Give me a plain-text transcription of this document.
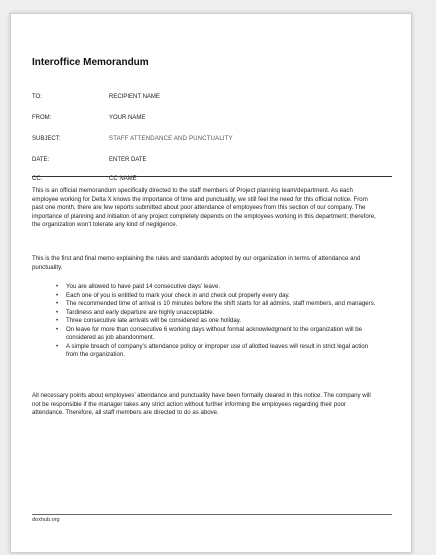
Interoffice Memorandum
TO:	RECIPIENT NAME
FROM:	YOUR NAME
SUBJECT:	STAFF ATTENDANCE AND PUNCTUALITY
DATE:	ENTER DATE
CC:	CC NAME
This is an official memorandum specifically directed to the staff members of Project planning team/department. As each employee working for Delta X knows the importance of time and punctuality, we still feel the need for this official notice. From past one month, there are few reports submitted about poor attendance of employees from this section of our company. The importance of planning and initiation of any project completely depends on the employees working in this department; therefore, the organization won’t tolerate any kind of negligence.
This is the first and final memo explaining the rules and standards adopted by our organization in terms of attendance and punctuality.
• You are allowed to have paid 14 consecutive days’ leave.
• Each one of you is entitled to mark your check in and check out properly every day.
• The recommended time of arrival is 10 minutes before the shift starts for all admins, staff members, and managers.
• Tardiness and early departure are highly unacceptable.
• Three consecutive late arrivals will be considered as one holiday.
• On leave for more than consecutive 6 working days without formal acknowledgment to the organization will be considered as job abandonment.
• A simple breach of company’s attendance policy or improper use of allotted leaves will result in strict legal action from the organization.
All necessary points about employees’ attendance and punctuality have been formally cleared in this notice. The company will not be responsible if the manager takes any strict action without further informing the employees regarding their poor attendance. Therefore, all staff members are directed to do as above.
doxhub.org
